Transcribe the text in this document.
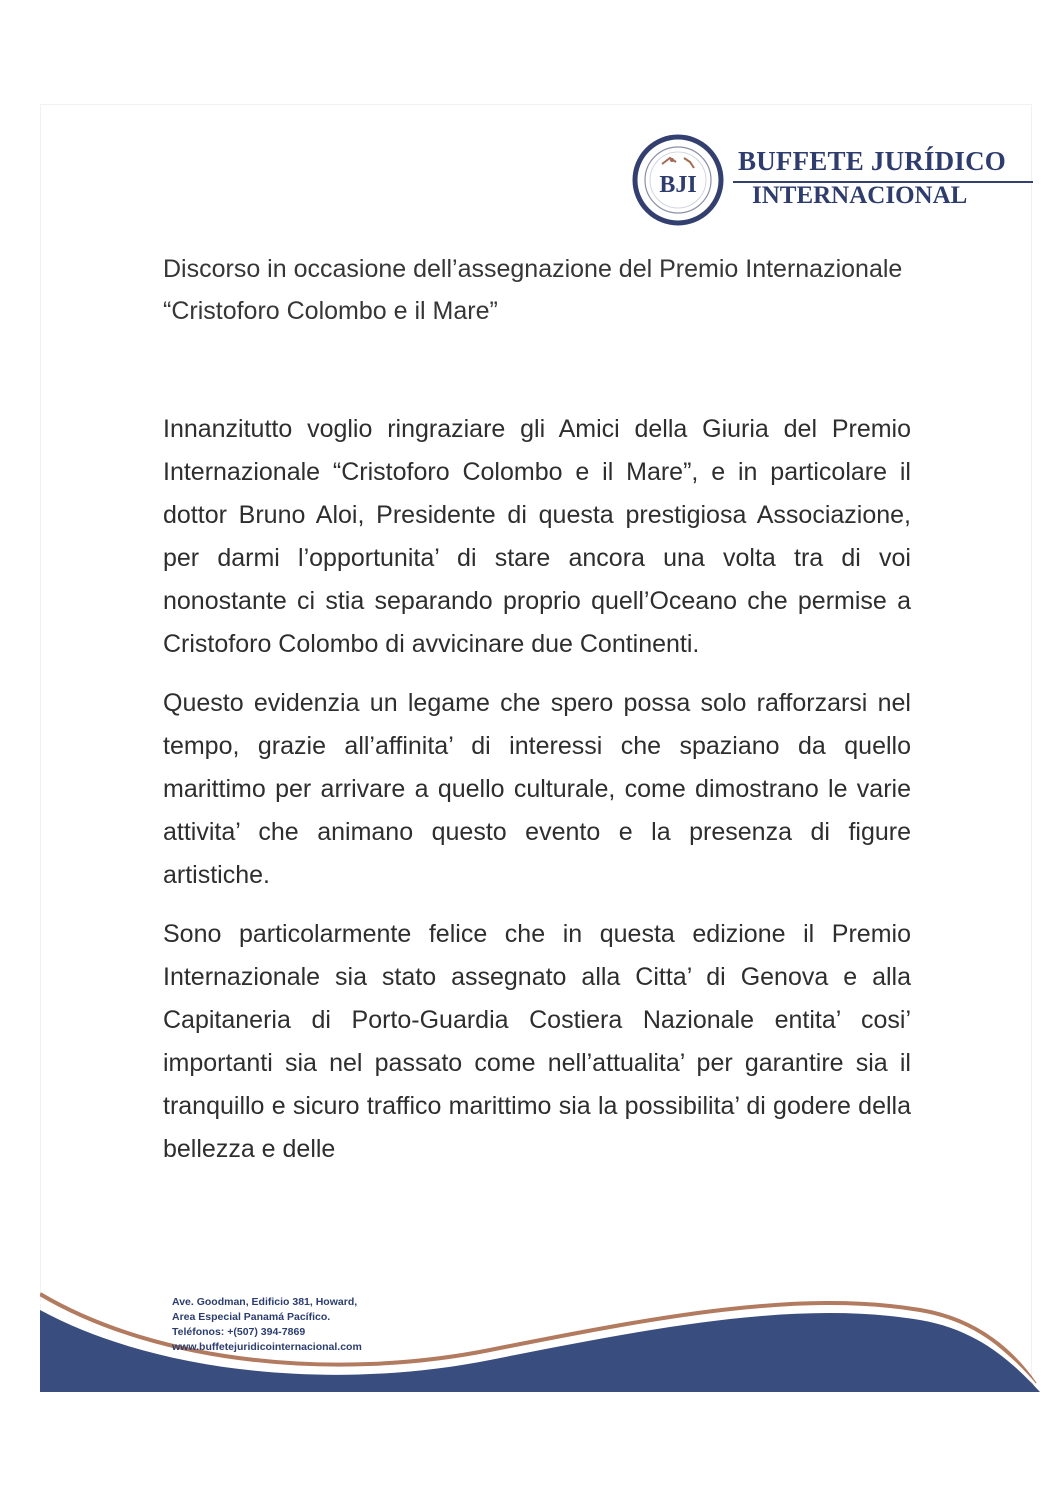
BJI
BUFFETE JURÍDICO
INTERNACIONAL
Discorso in occasione dell’assegnazione del Premio Internazionale “Cristoforo Colombo e il Mare”

Innanzitutto voglio ringraziare gli Amici della Giuria del Premio Internazionale “Cristoforo Colombo e il Mare”, e in particolare il dottor Bruno Aloi, Presidente di questa prestigiosa Associazione, per darmi l’opportunita’ di stare ancora una volta tra di voi nonostante ci stia separando proprio quell’Oceano che permise a Cristoforo Colombo di avvicinare due Continenti.

Questo evidenzia un legame che spero possa solo rafforzarsi nel tempo, grazie all’affinita’ di interessi che spaziano da quello marittimo per arrivare a quello culturale, come dimostrano le varie attivita’ che animano questo evento e la presenza di figure artistiche.

Sono particolarmente felice che in questa edizione il Premio Internazionale sia stato assegnato alla Citta’ di Genova e alla Capitaneria di Porto-Guardia Costiera Nazionale entita’ cosi’ importanti sia nel passato come nell’attualita’ per garantire sia il tranquillo e sicuro traffico marittimo sia la possibilita’ di godere della bellezza e delle

Ave. Goodman, Edificio 381, Howard,
Area Especial Panamá Pacífico.
Teléfonos: +(507) 394-7869
www.buffetejuridicointernacional.com
